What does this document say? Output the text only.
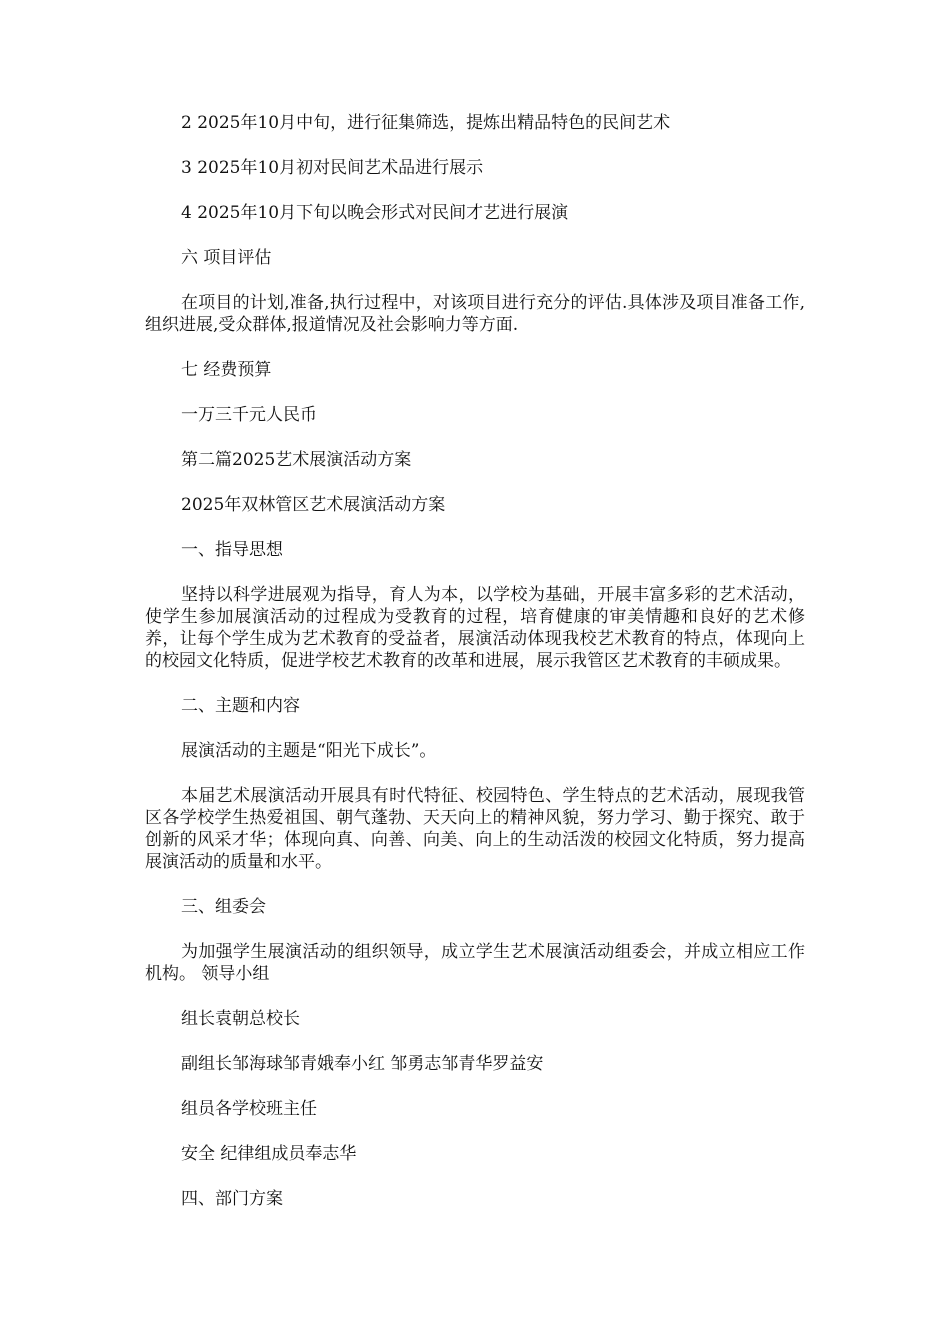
2 2025年10月中旬，进行征集筛选，提炼出精品特色的民间艺术

3 2025年10月初对民间艺术品进行展示

4 2025年10月下旬以晚会形式对民间才艺进行展演

六 项目评估

在项目的计划,准备,执行过程中，对该项目进行充分的评估.具体涉及项目准备工作,组织进展,受众群体,报道情况及社会影响力等方面.

七 经费预算

一万三千元人民币

第二篇2025艺术展演活动方案

2025年双林管区艺术展演活动方案

一、指导思想

坚持以科学进展观为指导，育人为本，以学校为基础，开展丰富多彩的艺术活动，使学生参加展演活动的过程成为受教育的过程，培育健康的审美情趣和良好的艺术修养，让每个学生成为艺术教育的受益者，展演活动体现我校艺术教育的特点，体现向上的校园文化特质，促进学校艺术教育的改革和进展，展示我管区艺术教育的丰硕成果。

二、主题和内容

展演活动的主题是“阳光下成长”。

本届艺术展演活动开展具有时代特征、校园特色、学生特点的艺术活动，展现我管区各学校学生热爱祖国、朝气蓬勃、天天向上的精神风貌，努力学习、勤于探究、敢于创新的风采才华；体现向真、向善、向美、向上的生动活泼的校园文化特质，努力提高展演活动的质量和水平。

三、组委会

为加强学生展演活动的组织领导，成立学生艺术展演活动组委会，并成立相应工作机构。 领导小组

组长袁朝总校长

副组长邹海球邹青娥奉小红 邹勇志邹青华罗益安

组员各学校班主任

安全 纪律组成员奉志华

四、部门方案
